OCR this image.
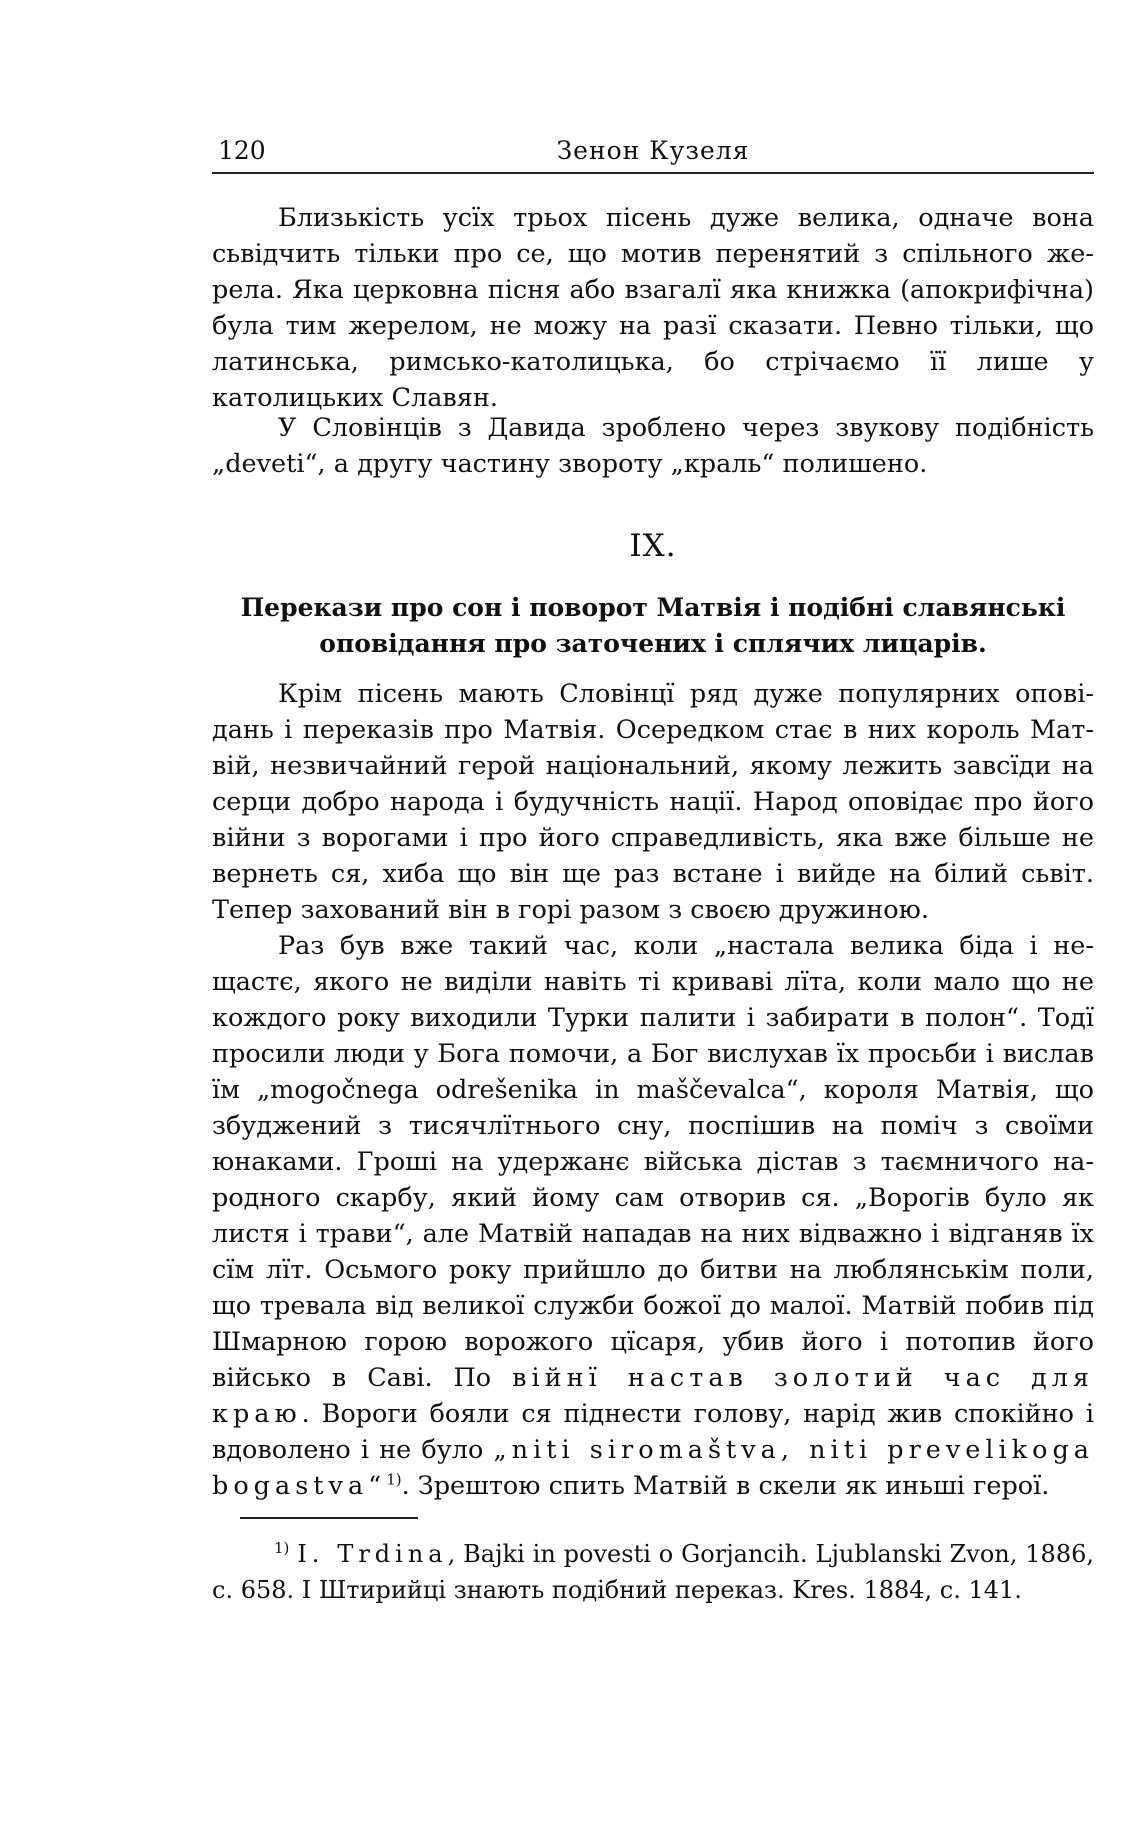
120	Зенон Кузеля

Близькість усїх трьох пісень дуже велика, одначе вона сьвідчить тільки про се, що мотив перенятий з спільного жерела. Яка церковна пісня або взагалї яка книжка (апокрифічна) була тим жерелом, не можу на разї сказати. Певно тільки, що латинська, римсько-католицька, бо стрічаємо її лише у католицьких Славян.

У Словінців з Давида зроблено через звукову подібність „deveti“, а другу частину звороту „краль“ полишено.

IX.
Перекази про сон і поворот Матвія і подібні славянські оповідання про заточених і сплячих лицарів.

Крім пісень мають Словінцї ряд дуже популярних оповідань і переказів про Матвія. Осередком стає в них король Матвій, незвичайний герой національний, якому лежить завсїди на серци добро народа і будучність нації. Народ оповідає про його війни з ворогами і про його справедливість, яка вже більше не вернеть ся, хиба що він ще раз встане і вийде на білий сьвіт. Тепер захований він в горі разом з своєю дружиною.

Раз був вже такий час, коли „настала велика біда і нещастє, якого не виділи навіть ті криваві лїта, коли мало що не кождого року виходили Турки палити і забирати в полон“. Тодї просили люди у Бога помочи, а Бог вислухав їх просьби і вислав їм „mogočnega odrešenika in maščevalca“, короля Матвія, що збуджений з тисячлїтнього сну, поспішив на поміч з своїми юнаками. Гроші на удержанє війська дістав з таємничого народного скарбу, який йому сам отворив ся. „Ворогів було як листя і трави“, але Матвій нападав на них відважно і відганяв їх сїм лїт. Осьмого року прийшло до битви на люблянськім поли, що тревала від великої служби божої до малої. Матвій побив під Шмарною горою ворожого цїсаря, убив його і потопив його військо в Саві. По війнї настав золотий час для краю. Вороги бояли ся піднести голову, нарід жив спокійно і вдоволено і не було „niti siromaštva, niti prevelikoga bogastva“$^{1)}$. Зрештою спить Матвій в скели як иньші герої.

$^{1)}$ I. Trdina, Bajki in povesti o Gorjancih. Ljublanski Zvon, 1886, с. 658. І Штирийці знають подібний переказ. Kres. 1884, с. 141.
